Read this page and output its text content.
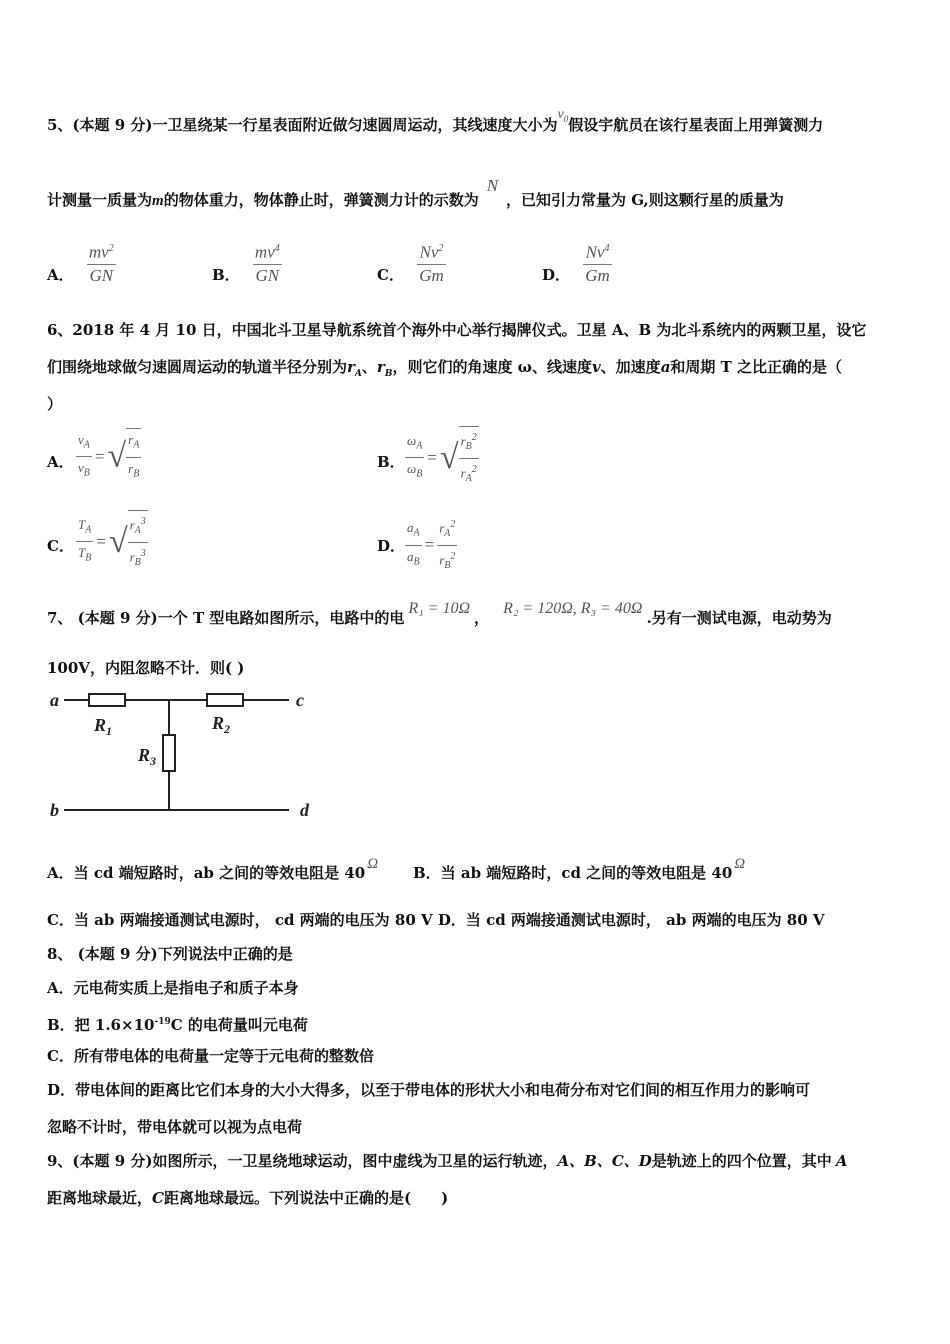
5、(本题 9 分)一卫星绕某一行星表面附近做匀速圆周运动，其线速度大小为$v_0$假设宇航员在该行星表面上用弹簧测力
计测量一质量为m的物体重力，物体静止时，弹簧测力计的示数为N，已知引力常量为 G,则这颗行星的质量为
A． $\frac{mv^2}{GN}$	B． $\frac{mv^4}{GN}$	C． $\frac{Nv^2}{Gm}$	D． $\frac{Nv^4}{Gm}$
6、2018 年 4 月 10 日，中国北斗卫星导航系统首个海外中心举行揭牌仪式。卫星 A、B 为北斗系统内的两颗卫星，设它
们围绕地球做匀速圆周运动的轨道半径分别为$r_A$、$r_B$，则它们的角速度 ω、线速度v、加速度a和周期 T 之比正确的是（
）
A． $\frac{v_A}{v_B}$ =√ $\frac{r_A}{r_B}$	B． $\frac{\omega_A}{\omega_B}$ =√ $\frac{r_B^2}{r_A^2}$
C． $\frac{T_A}{T_B}$ =√ $\frac{r_A^3}{r_B^3}$	D． $\frac{a_A}{a_B} = \frac{r_A^2}{r_B^2}$
7、 (本题 9 分)一个 T 型电路如图所示，电路中的电R₁ = 10Ω，R₂ = 120Ω, R₃ = 40Ω.另有一测试电源，电动势为
100V，内阻忽略不计．则( )
a
b
c
d
$R_1$	$R_2$
$R_3$
A．当 cd 端短路时，ab 之间的等效电阻是 40 Ω B．当 ab 端短路时，cd 之间的等效电阻是 40 Ω
C．当 ab 两端接通测试电源时， cd 两端的电压为 80 V D．当 cd 两端接通测试电源时， ab 两端的电压为 80 V
8、 (本题 9 分)下列说法中正确的是
A．元电荷实质上是指电子和质子本身
B．把 $1.6\times 10^{-19}C$ 的电荷量叫元电荷
C．所有带电体的电荷量一定等于元电荷的整数倍
D．带电体间的距离比它们本身的大小大得多，以至于带电体的形状大小和电荷分布对它们间的相互作用力的影响可
忽略不计时，带电体就可以视为点电荷
9、(本题 9 分)如图所示，一卫星绕地球运动，图中虚线为卫星的运行轨迹，A、B、C、D是轨迹上的四个位置，其中 A
距离地球最近，C距离地球最远。下列说法中正确的是(　　)
